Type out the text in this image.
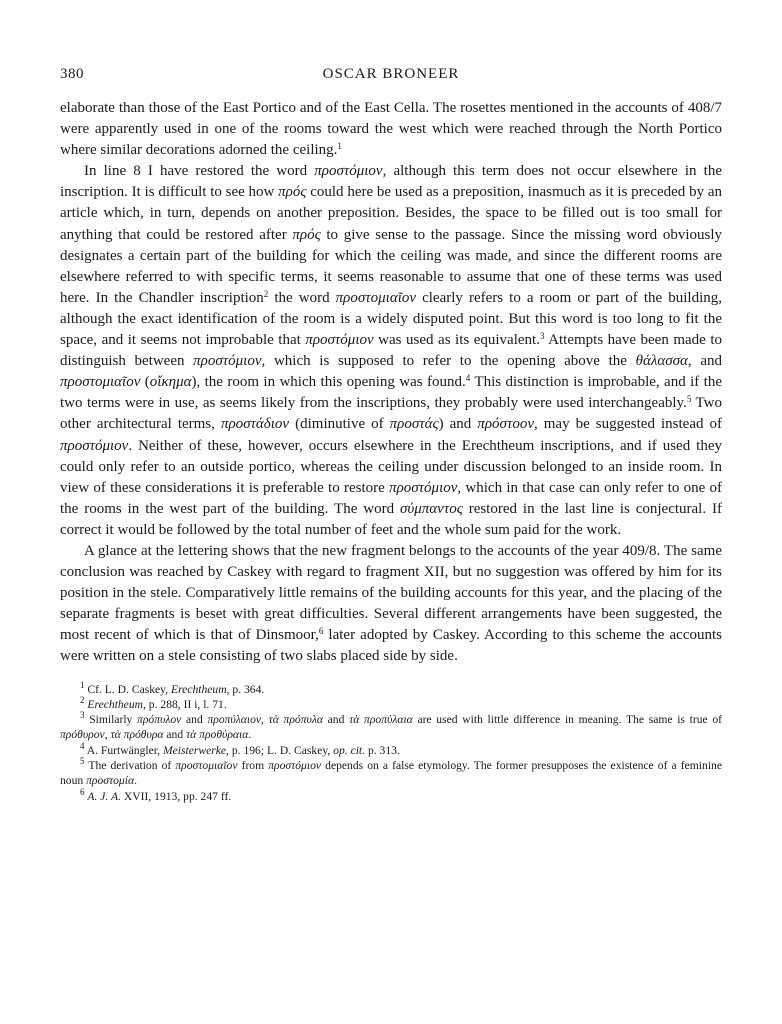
380	OSCAR BRONEER

elaborate than those of the East Portico and of the East Cella. The rosettes mentioned in the accounts of 408/7 were apparently used in one of the rooms toward the west which were reached through the North Portico where similar decorations adorned the ceiling.$^1$

In line 8 I have restored the word προστόμιον, although this term does not occur elsewhere in the inscription. It is difficult to see how πρός could here be used as a preposition, inasmuch as it is preceded by an article which, in turn, depends on another preposition. Besides, the space to be filled out is too small for anything that could be restored after πρός to give sense to the passage. Since the missing word obviously designates a certain part of the building for which the ceiling was made, and since the different rooms are elsewhere referred to with specific terms, it seems reasonable to assume that one of these terms was used here. In the Chandler inscription$^2$ the word προστομιαῖον clearly refers to a room or part of the building, although the exact identification of the room is a widely disputed point. But this word is too long to fit the space, and it seems not improbable that προστόμιον was used as its equivalent.$^3$ Attempts have been made to distinguish between προστόμιον, which is supposed to refer to the opening above the θάλασσα, and προστομιαῖον (οἴκημα), the room in which this opening was found.$^4$ This distinction is improbable, and if the two terms were in use, as seems likely from the inscriptions, they probably were used interchangeably.$^5$ Two other architectural terms, προστάδιον (diminutive of προστάς) and πρόστοον, may be suggested instead of προστόμιον. Neither of these, however, occurs elsewhere in the Erechtheum inscriptions, and if used they could only refer to an outside portico, whereas the ceiling under discussion belonged to an inside room. In view of these considerations it is preferable to restore προστόμιον, which in that case can only refer to one of the rooms in the west part of the building. The word σύμπαντος restored in the last line is conjectural. If correct it would be followed by the total number of feet and the whole sum paid for the work.

A glance at the lettering shows that the new fragment belongs to the accounts of the year 409/8. The same conclusion was reached by Caskey with regard to fragment XII, but no suggestion was offered by him for its position in the stele. Comparatively little remains of the building accounts for this year, and the placing of the separate fragments is beset with great difficulties. Several different arrangements have been suggested, the most recent of which is that of Dinsmoor,$^6$ later adopted by Caskey. According to this scheme the accounts were written on a stele consisting of two slabs placed side by side.

$^1$ Cf. L. D. Caskey, Erechtheum, p. 364.

$^2$ Erechtheum, p. 288, II i, l. 71.

$^3$ Similarly πρόπυλον and προπύλαιον, τὰ πρόπυλα and τὰ προπύλαια are used with little difference in meaning. The same is true of πρόθυρον, τὰ πρόθυρα and τὰ προθύραια.

$^4$ A. Furtwängler, Meisterwerke, p. 196; L. D. Caskey, op. cit. p. 313.

$^5$ The derivation of προστομιαῖον from προστόμιον depends on a false etymology. The former presupposes the existence of a feminine noun προστομία.

$^6$ A. J. A. XVII, 1913, pp. 247 ff.
